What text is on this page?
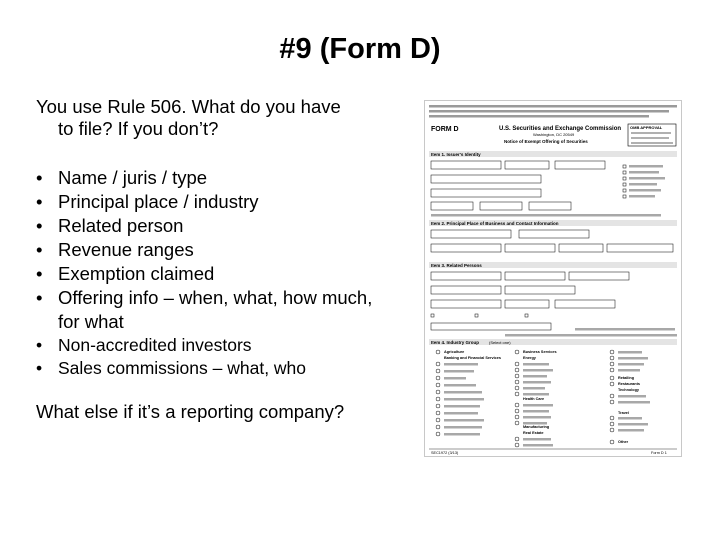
#9 (Form D)
You use Rule 506. What do you have
to file? If you don’t?
• Name / juris / type
• Principal place / industry
• Related person
• Revenue ranges
• Exemption claimed
• Offering info – when, what, how much, for what
• Non-accredited investors
• Sales commissions – what, who
What else if it’s a reporting company?
FORM D	U.S. Securities and Exchange Commission
Washington, DC 20549
Notice of Exempt Offering of Securities
OMB APPROVAL
Item 1. Issuer's Identity
Item 2. Principal Place of Business and Contact Information
Item 3. Related Persons
Item 4. Industry Group (Select one)
Agriculture
Banking and Financial Services
Business Services
Energy
Health Care
Manufacturing
Real Estate
Retailing
Restaurants
Technology
Travel
Other
SEC1972 (3/13)	Form D 1
